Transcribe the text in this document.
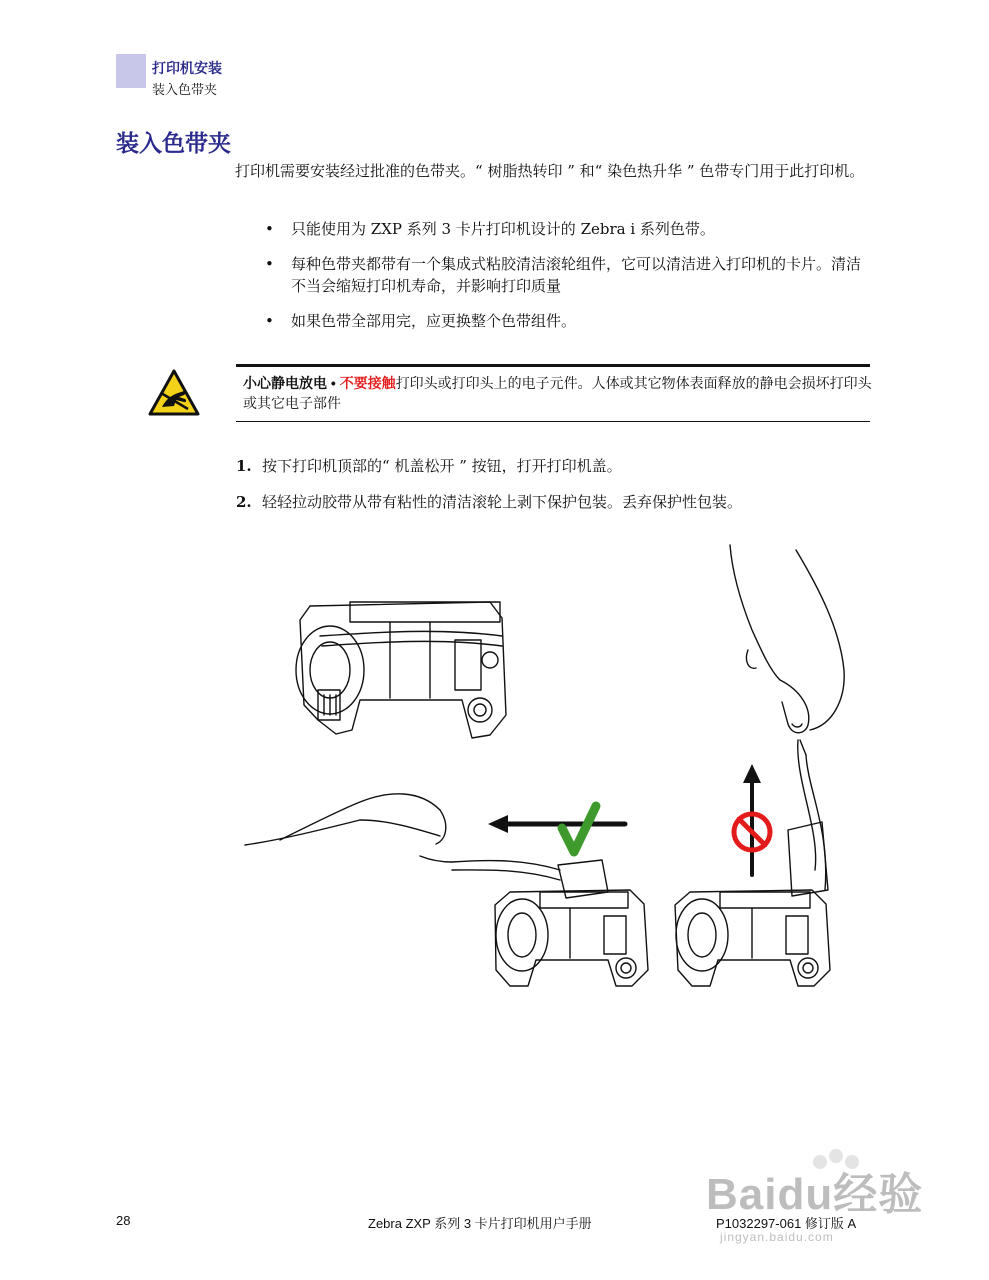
打印机安装
装入色带夹
装入色带夹
打印机需要安装经过批准的色带夹。“ 树脂热转印 ” 和“ 染色热升华 ” 色带专门用于此打印机。
• 只能使用为 ZXP 系列 3 卡片打印机设计的 Zebra i 系列色带。
• 每种色带夹都带有一个集成式粘胶清洁滚轮组件，它可以清洁进入打印机的卡片。清洁不当会缩短打印机寿命，并影响打印质量
• 如果色带全部用完，应更换整个色带组件。
小心静电放电 • 不要接触打印头或打印头上的电子元件。人体或其它物体表面释放的静电会损坏打印头或其它电子部件
1. 按下打印机顶部的“ 机盖松开 ” 按钮，打开打印机盖。
2. 轻轻拉动胶带从带有粘性的清洁滚轮上剥下保护包装。丢弃保护性包装。
Baidu经验
jingyan.baidu.com
28	Zebra ZXP 系列 3 卡片打印机用户手册	P1032297-061 修订版 A
